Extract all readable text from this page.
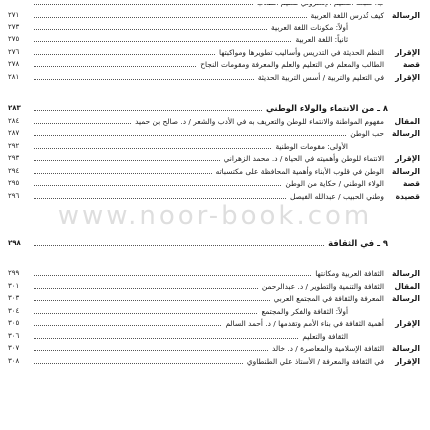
الرسالة
كيف تُدرس اللغة العربية
٢٧١
أولاً: مكونات اللغة العربية
٢٧٣
ثانياً: اللغة العربية
٢٧٥
الإقرار
النظم الحديثة في التدريس وأساليب تطويرها ومواكبتها
٢٧٦
قصة
الطالب والمعلم في التعليم والعلم والمعرفة ومقومات النجاح
٢٧٨
الإقرار
في التعليم والتربية / أسس التربية الحديثة
٢٨١
٨ ـ من الانتماء والولاء الوطني
٢٨٣
المقال
مفهوم المواطنة والانتماء للوطن والتعريف به في الأدب والشعر / د. صالح بن حميد
٢٨٤
الرسالة
حب الوطن
٢٨٧
الأولى: مقومات الوطنية
٢٩٢
الإقرار
الانتماء للوطن وأهميته في الحياة / د. محمد الزهراني
٢٩٣
الرسالة
الوطن في قلوب الأبناء وأهمية المحافظة على مكتسباته
٢٩٤
قصة
الولاء الوطني / حكاية من الوطن
٢٩٥
قصيدة
وطني الحبيب / عبدالله الفيصل
٢٩٦
٩ ـ في الثقافة
٢٩٨
الرسالة
الثقافة العربية ومكانتها
٢٩٩
المقال
الثقافة والتنمية والتطوير / د. عبدالرحمن
٣٠١
الرسالة
المعرفة والثقافة في المجتمع العربي
٣٠٣
أولاً: الثقافة والفكر والمجتمع
٣٠٤
الإقرار
أهمية الثقافة في بناء الأمم وتقدمها / د. أحمد السالم
٣٠٥
الثقافة والتعليم
٣٠٦
الرسالة
الثقافة الإسلامية والمعاصرة / د. خالد
٣٠٧
الإقرار
في الثقافة والمعرفة / الأستاذ علي الطنطاوي
٣٠٨
www.noor-book.com
